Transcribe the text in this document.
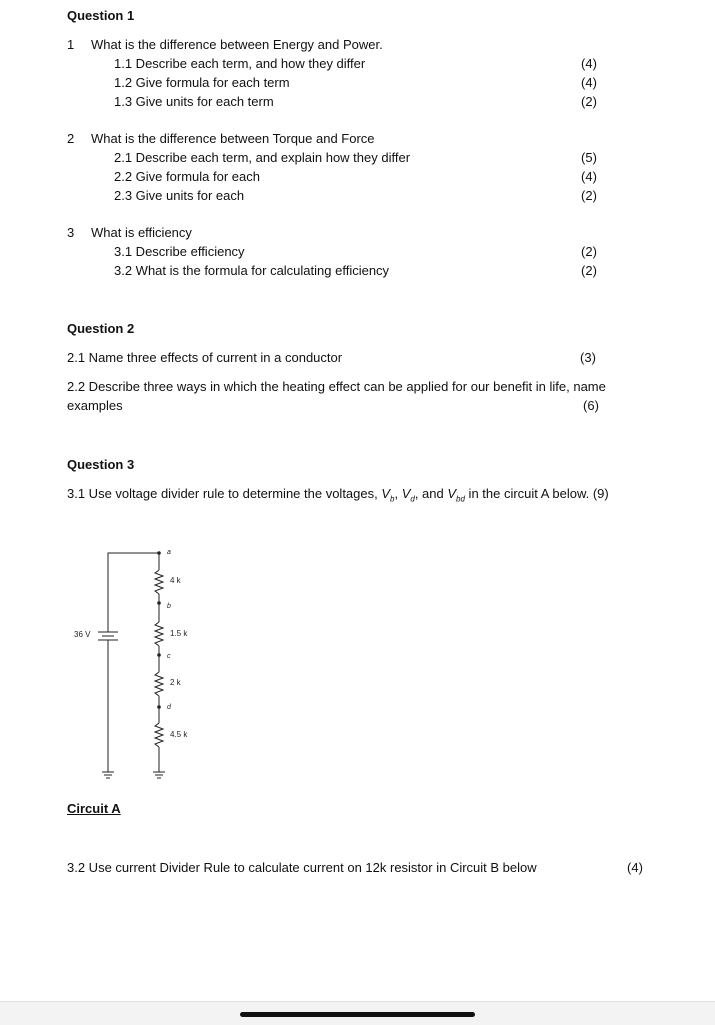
Question 1
1 What is the difference between Energy and Power.
1.1 Describe each term, and how they differ	(4)
1.2 Give formula for each term	(4)
1.3 Give units for each term	(2)
2 What is the difference between Torque and Force
2.1 Describe each term, and explain how they differ	(5)
2.2 Give formula for each	(4)
2.3 Give units for each	(2)
3 What is efficiency
3.1 Describe efficiency	(2)
3.2 What is the formula for calculating efficiency	(2)
Question 2
2.1 Name three effects of current in a conductor	(3)
2.2 Describe three ways in which the heating effect can be applied for our benefit in life, name
examples	(6)
Question 3
3.1 Use voltage divider rule to determine the voltages, $V_b$, $V_d$, and $V_{bd}$ in the circuit A below. (9)
36 V
a
b
c
d
4 k
1.5 k
2 k
4.5 k
Circuit A
3.2 Use current Divider Rule to calculate current on 12k resistor in Circuit B below	(4)
